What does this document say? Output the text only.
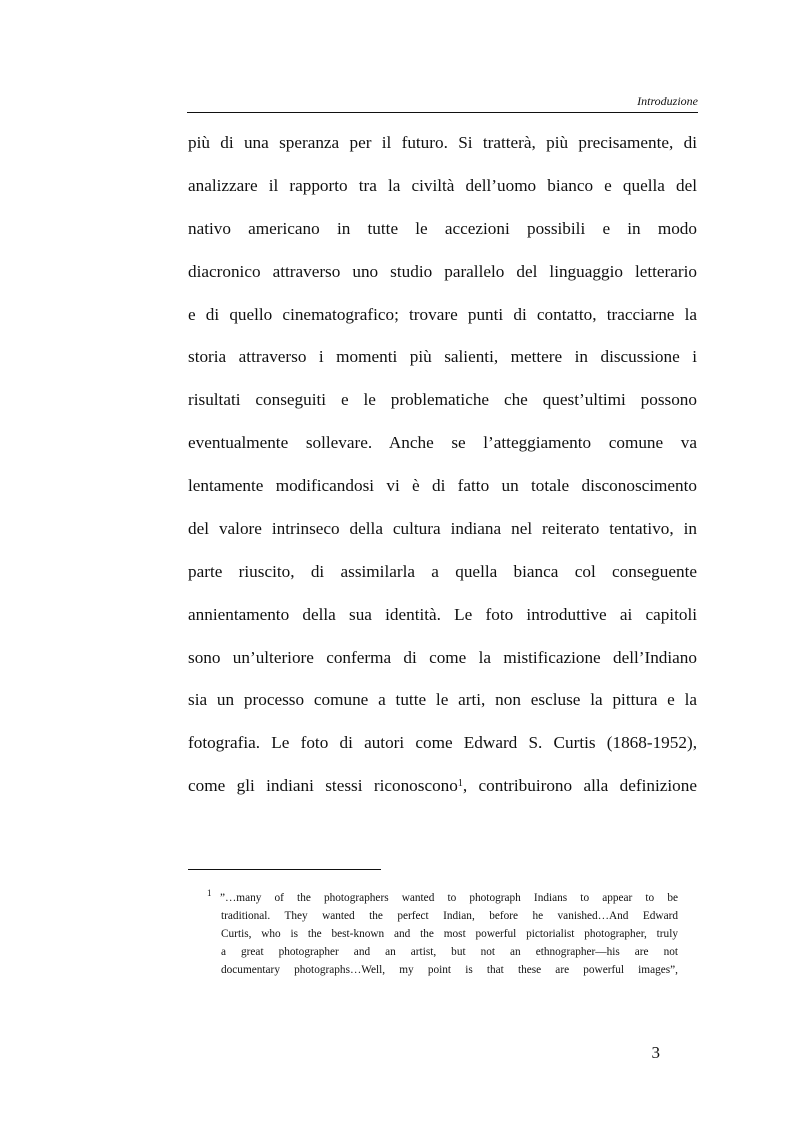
Introduzione
più di una speranza per il futuro. Si tratterà, più precisamente, di
analizzare il rapporto tra la civiltà dell’uomo bianco e quella del
nativo americano in tutte le accezioni possibili e in modo
diacronico attraverso uno studio parallelo del linguaggio letterario
e di quello cinematografico; trovare punti di contatto, tracciarne la
storia attraverso i momenti più salienti, mettere in discussione i
risultati conseguiti e le problematiche che quest’ultimi possono
eventualmente sollevare. Anche se l’atteggiamento comune va
lentamente modificandosi vi è di fatto un totale disconoscimento
del valore intrinseco della cultura indiana nel reiterato tentativo, in
parte riuscito, di assimilarla a quella bianca col conseguente
annientamento della sua identità. Le foto introduttive ai capitoli
sono un’ulteriore conferma di come la mistificazione dell’Indiano
sia un processo comune a tutte le arti, non escluse la pittura e la
fotografia. Le foto di autori come Edward S. Curtis (1868-1952),
come gli indiani stessi riconoscono$^1$, contribuirono alla definizione
1 ”…many of the photographers wanted to photograph Indians to appear to be
traditional. They wanted the perfect Indian, before he vanished…And Edward
Curtis, who is the best-known and the most powerful pictorialist photographer, truly
a great photographer and an artist, but not an ethnographer—his are not
documentary photographs…Well, my point is that these are powerful images”,
3
